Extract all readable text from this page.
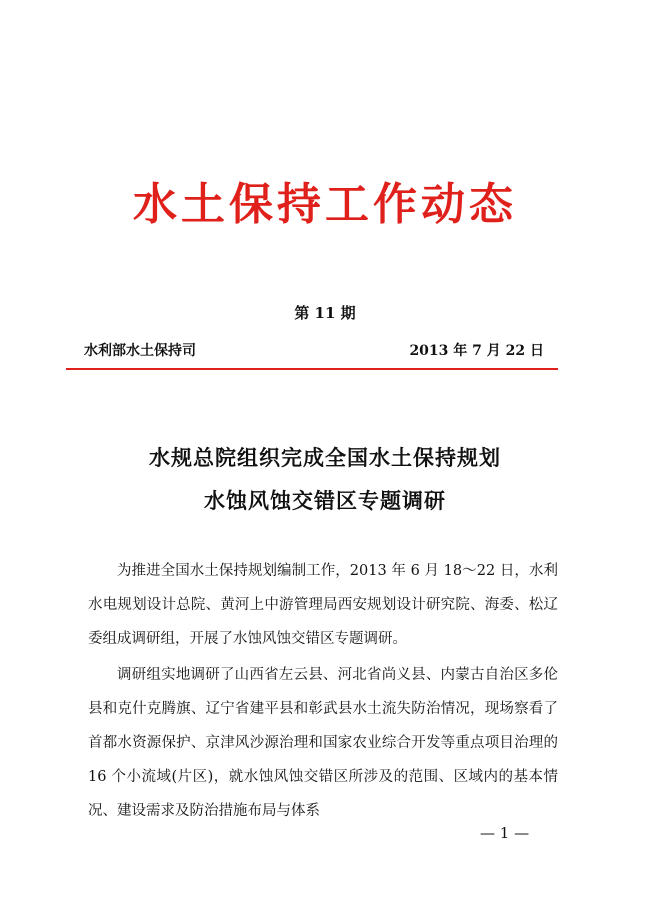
水土保持工作动态
第 11 期
水利部水土保持司	2013 年 7 月 22 日
水规总院组织完成全国水土保持规划
水蚀风蚀交错区专题调研

为推进全国水土保持规划编制工作，2013 年 6 月 18～22 日，水利水电规划设计总院、黄河上中游管理局西安规划设计研究院、海委、松辽委组成调研组，开展了水蚀风蚀交错区专题调研。

调研组实地调研了山西省左云县、河北省尚义县、内蒙古自治区多伦县和克什克腾旗、辽宁省建平县和彰武县水土流失防治情况，现场察看了首都水资源保护、京津风沙源治理和国家农业综合开发等重点项目治理的 16 个小流域(片区)，就水蚀风蚀交错区所涉及的范围、区域内的基本情况、建设需求及防治措施布局与体系

— 1 —
